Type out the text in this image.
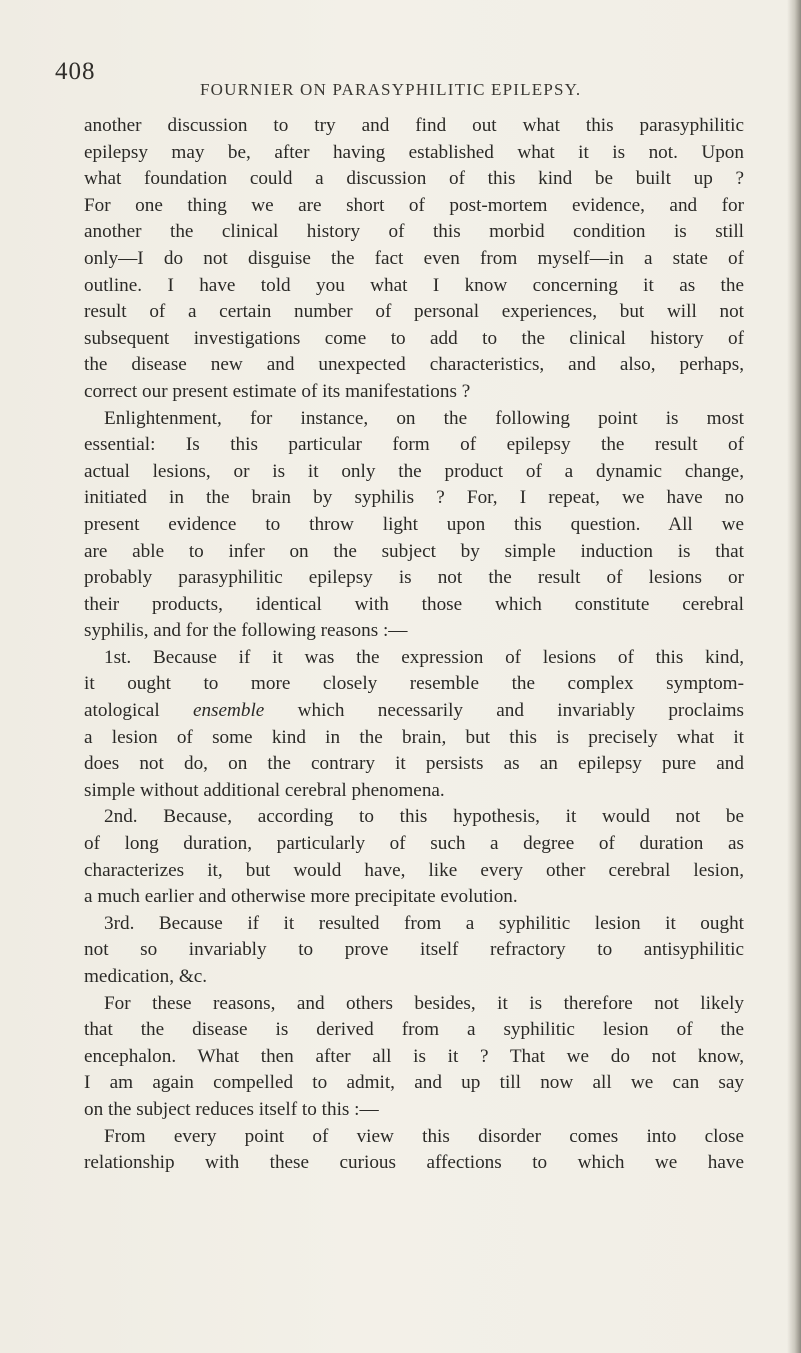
408
FOURNIER ON PARASYPHILITIC EPILEPSY.
another discussion to try and find out what this parasyphilitic
epilepsy may be, after having established what it is not. Upon
what foundation could a discussion of this kind be built up ?
For one thing we are short of post-mortem evidence, and for
another the clinical history of this morbid condition is still
only—I do not disguise the fact even from myself—in a state of
outline. I have told you what I know concerning it as the
result of a certain number of personal experiences, but will not
subsequent investigations come to add to the clinical history of
the disease new and unexpected characteristics, and also, perhaps,
correct our present estimate of its manifestations ?
Enlightenment, for instance, on the following point is most
essential: Is this particular form of epilepsy the result of
actual lesions, or is it only the product of a dynamic change,
initiated in the brain by syphilis ? For, I repeat, we have no
present evidence to throw light upon this question. All we
are able to infer on the subject by simple induction is that
probably parasyphilitic epilepsy is not the result of lesions or
their products, identical with those which constitute cerebral
syphilis, and for the following reasons :—
1st. Because if it was the expression of lesions of this kind,
it ought to more closely resemble the complex symptom-
atological ensemble which necessarily and invariably proclaims
a lesion of some kind in the brain, but this is precisely what it
does not do, on the contrary it persists as an epilepsy pure and
simple without additional cerebral phenomena.
2nd. Because, according to this hypothesis, it would not be
of long duration, particularly of such a degree of duration as
characterizes it, but would have, like every other cerebral lesion,
a much earlier and otherwise more precipitate evolution.
3rd. Because if it resulted from a syphilitic lesion it ought
not so invariably to prove itself refractory to antisyphilitic
medication, &c.
For these reasons, and others besides, it is therefore not likely
that the disease is derived from a syphilitic lesion of the
encephalon. What then after all is it ? That we do not know,
I am again compelled to admit, and up till now all we can say
on the subject reduces itself to this :—
From every point of view this disorder comes into close
relationship with these curious affections to which we have
